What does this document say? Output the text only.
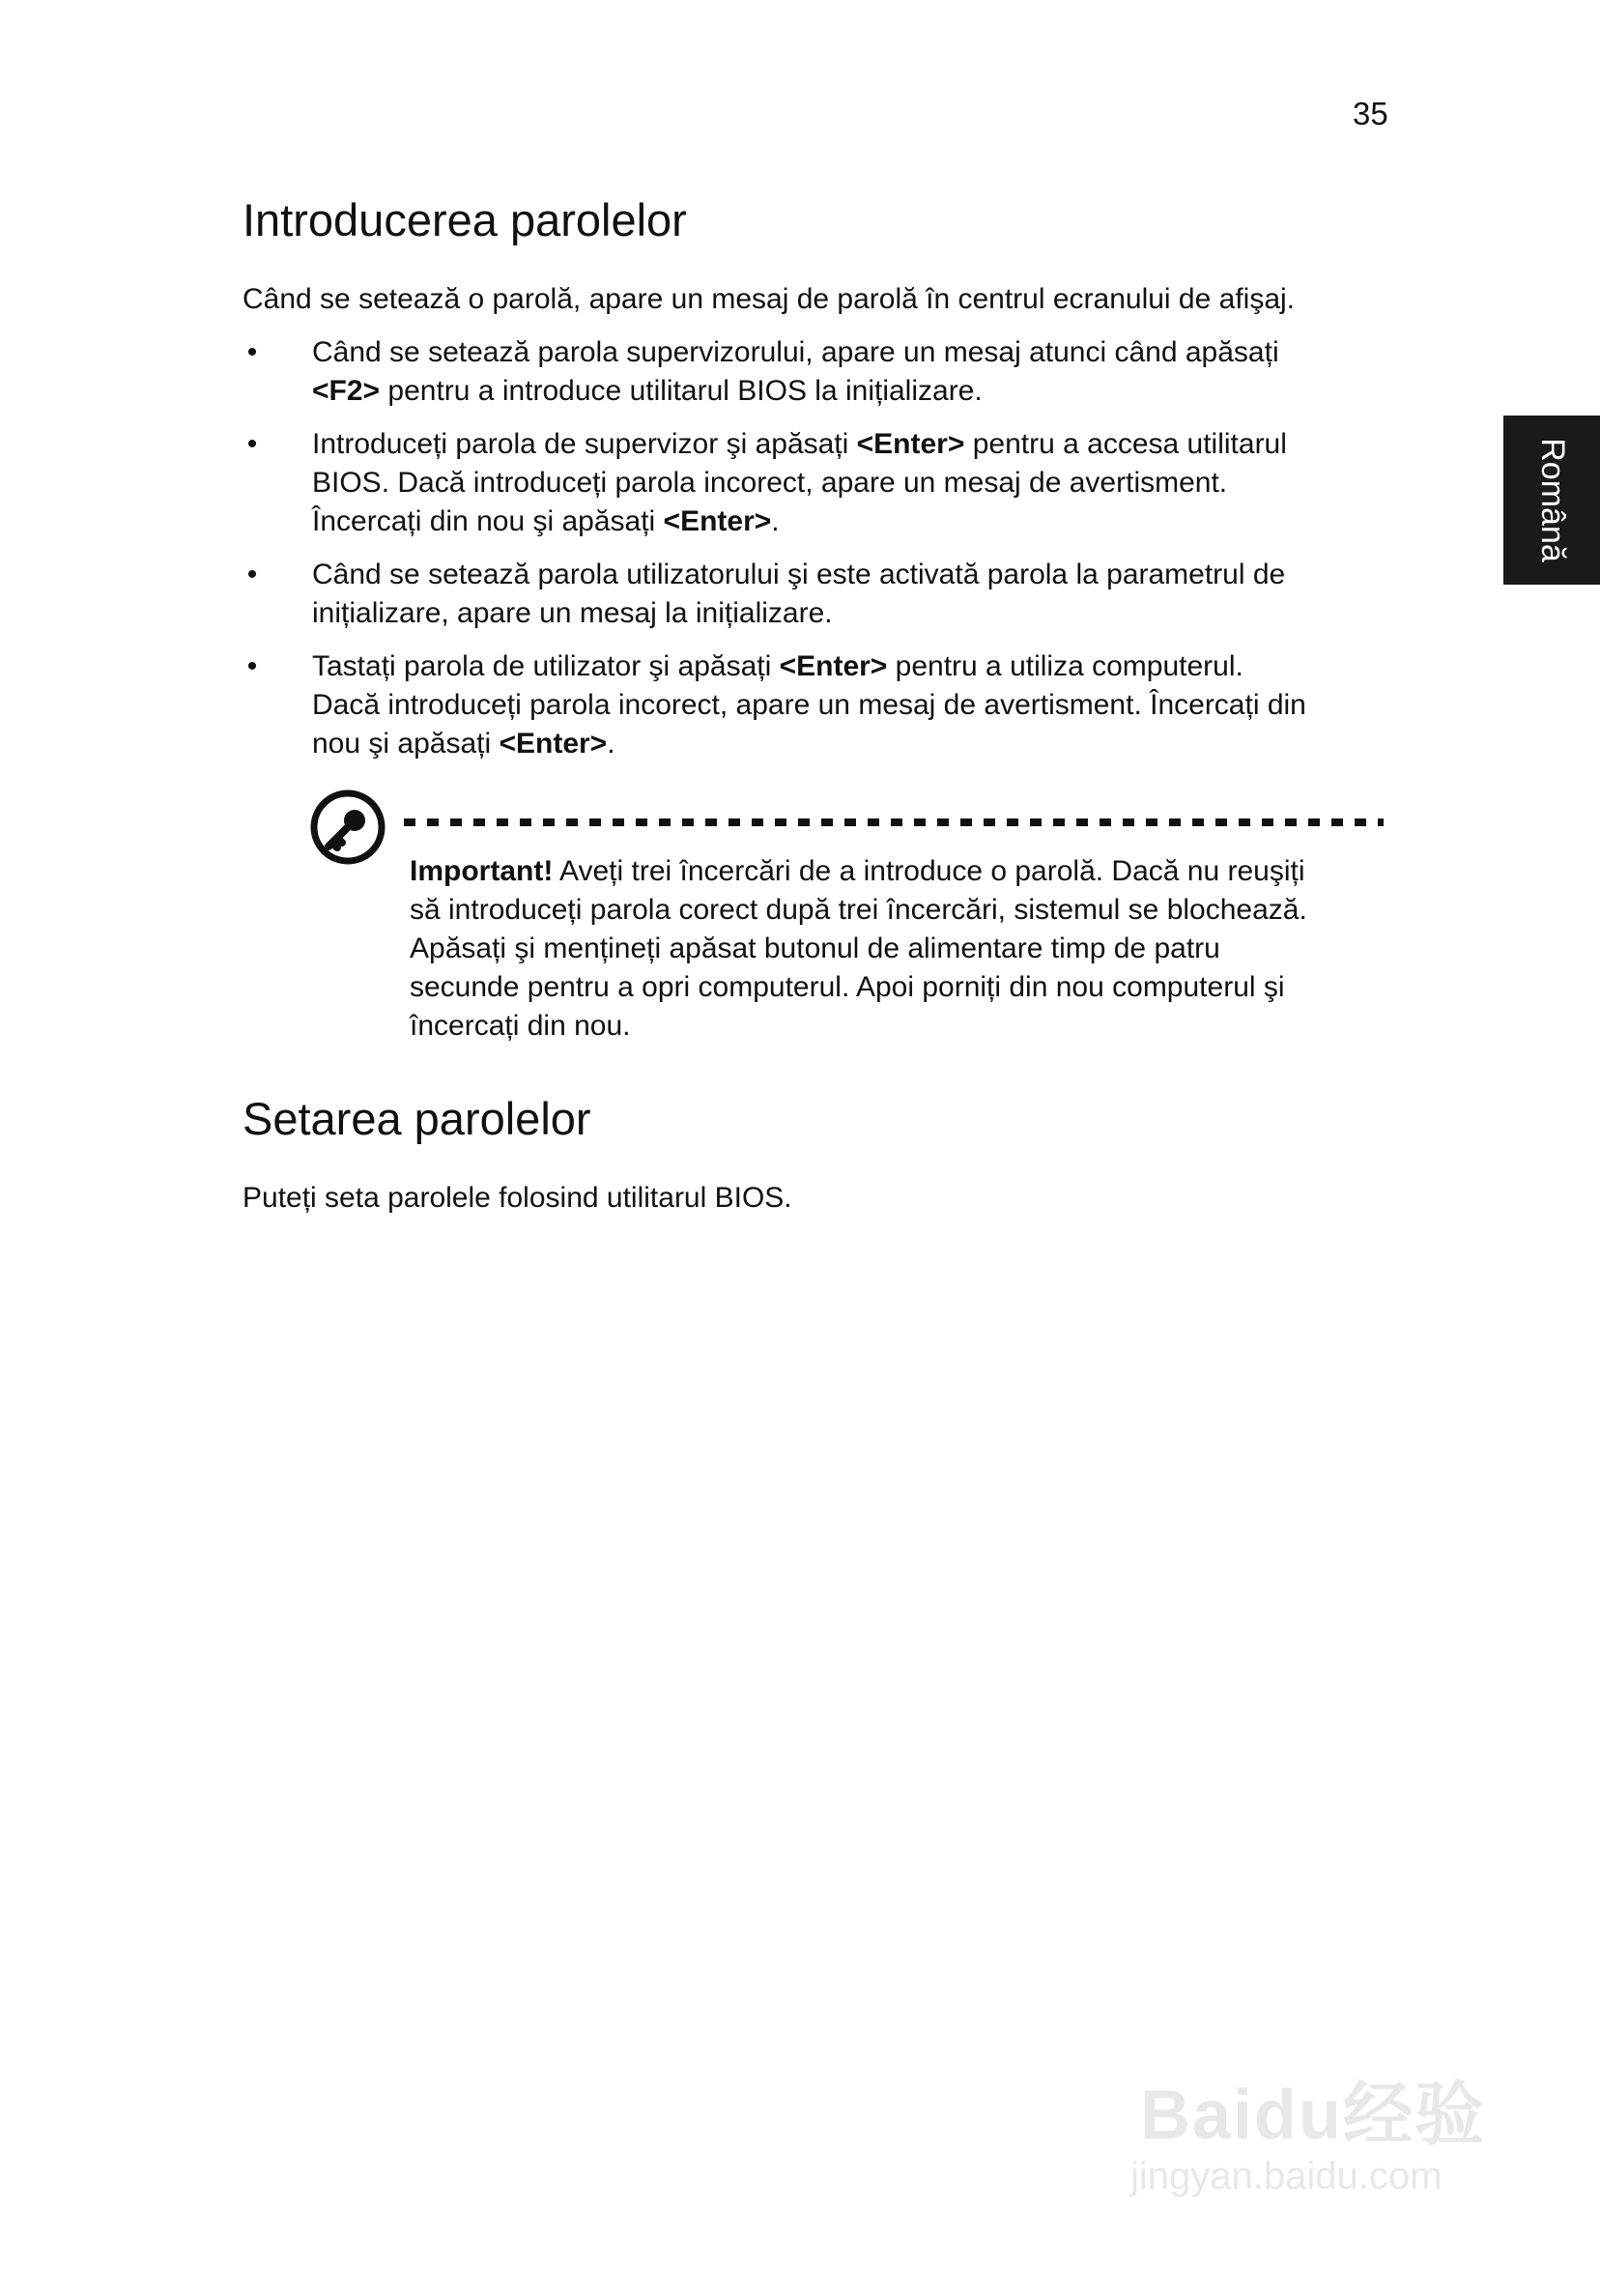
35
Română
Introducerea parolelor

Când se setează o parolă, apare un mesaj de parolă în centrul ecranului de afişaj.

• Când se setează parola supervizorului, apare un mesaj atunci când apăsați
<F2> pentru a introduce utilitarul BIOS la inițializare.
• Introduceți parola de supervizor şi apăsați <Enter> pentru a accesa utilitarul
BIOS. Dacă introduceți parola incorect, apare un mesaj de avertisment.
Încercați din nou şi apăsați <Enter>.
• Când se setează parola utilizatorului şi este activată parola la parametrul de
inițializare, apare un mesaj la inițializare.
• Tastați parola de utilizator şi apăsați <Enter> pentru a utiliza computerul.
Dacă introduceți parola incorect, apare un mesaj de avertisment. Încercați din
nou şi apăsați <Enter>.
Important! Aveți trei încercări de a introduce o parolă. Dacă nu reuşiți
să introduceți parola corect după trei încercări, sistemul se blochează.
Apăsați şi mențineți apăsat butonul de alimentare timp de patru
secunde pentru a opri computerul. Apoi porniți din nou computerul şi
încercați din nou.
Setarea parolelor

Puteți seta parolele folosind utilitarul BIOS.

Baidu经验
jingyan.baidu.com
